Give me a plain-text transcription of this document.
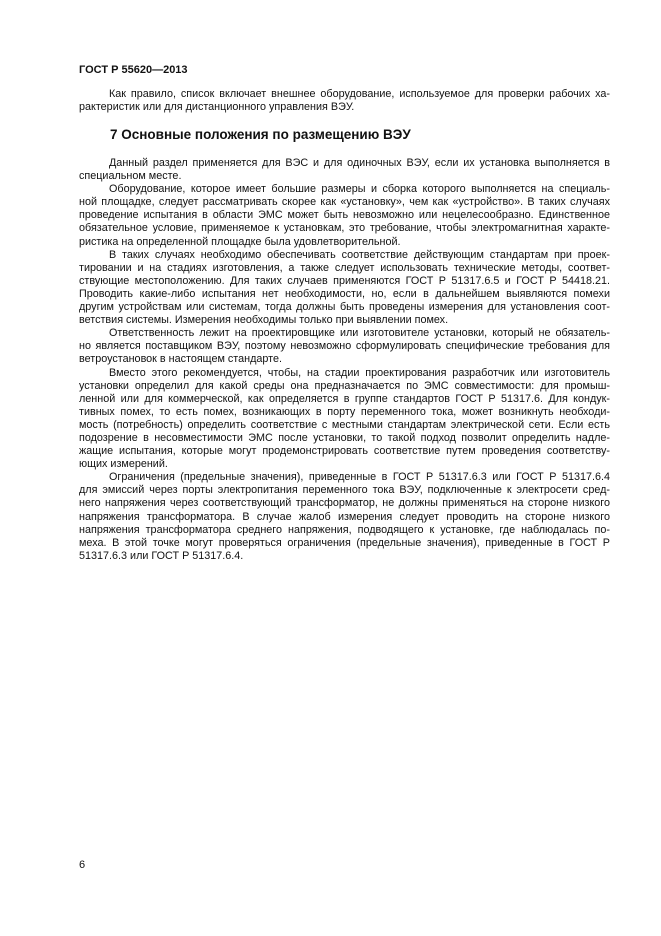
ГОСТ Р 55620—2013
Как правило, список включает внешнее оборудование, используемое для проверки рабочих ха-
рактеристик или для дистанционного управления ВЭУ.
7 Основные положения по размещению ВЭУ
Данный раздел применяется для ВЭС и для одиночных ВЭУ, если их установка выполняется в
специальном месте.
Оборудование, которое имеет большие размеры и сборка которого выполняется на специаль-
ной площадке, следует рассматривать скорее как «установку», чем как «устройство». В таких случаях
проведение испытания в области ЭМС может быть невозможно или нецелесообразно. Единственное
обязательное условие, применяемое к установкам, это требование, чтобы электромагнитная характе-
ристика на определенной площадке была удовлетворительной.
В таких случаях необходимо обеспечивать соответствие действующим стандартам при проек-
тировании и на стадиях изготовления, а также следует использовать технические методы, соответ-
ствующие местоположению. Для таких случаев применяются ГОСТ Р 51317.6.5 и ГОСТ Р 54418.21.
Проводить какие-либо испытания нет необходимости, но, если в дальнейшем выявляются помехи
другим устройствам или системам, тогда должны быть проведены измерения для установления соот-
ветствия системы. Измерения необходимы только при выявлении помех.
Ответственность лежит на проектировщике или изготовителе установки, который не обязатель-
но является поставщиком ВЭУ, поэтому невозможно сформулировать специфические требования для
ветроустановок в настоящем стандарте.
Вместо этого рекомендуется, чтобы, на стадии проектирования разработчик или изготовитель
установки определил для какой среды она предназначается по ЭМС совместимости: для промыш-
ленной или для коммерческой, как определяется в группе стандартов ГОСТ Р 51317.6. Для кондук-
тивных помех, то есть помех, возникающих в порту переменного тока, может возникнуть необходи-
мость (потребность) определить соответствие с местными стандартам электрической сети. Если есть
подозрение в несовместимости ЭМС после установки, то такой подход позволит определить надле-
жащие испытания, которые могут продемонстрировать соответствие путем проведения соответству-
ющих измерений.
Ограничения (предельные значения), приведенные в ГОСТ Р 51317.6.3 или ГОСТ Р 51317.6.4
для эмиссий через порты электропитания переменного тока ВЭУ, подключенные к электросети сред-
него напряжения через соответствующий трансформатор, не должны применяться на стороне низкого
напряжения трансформатора. В случае жалоб измерения следует проводить на стороне низкого
напряжения трансформатора среднего напряжения, подводящего к установке, где наблюдалась по-
меха. В этой точке могут проверяться ограничения (предельные значения), приведенные в ГОСТ Р
51317.6.3 или ГОСТ Р 51317.6.4.
6
